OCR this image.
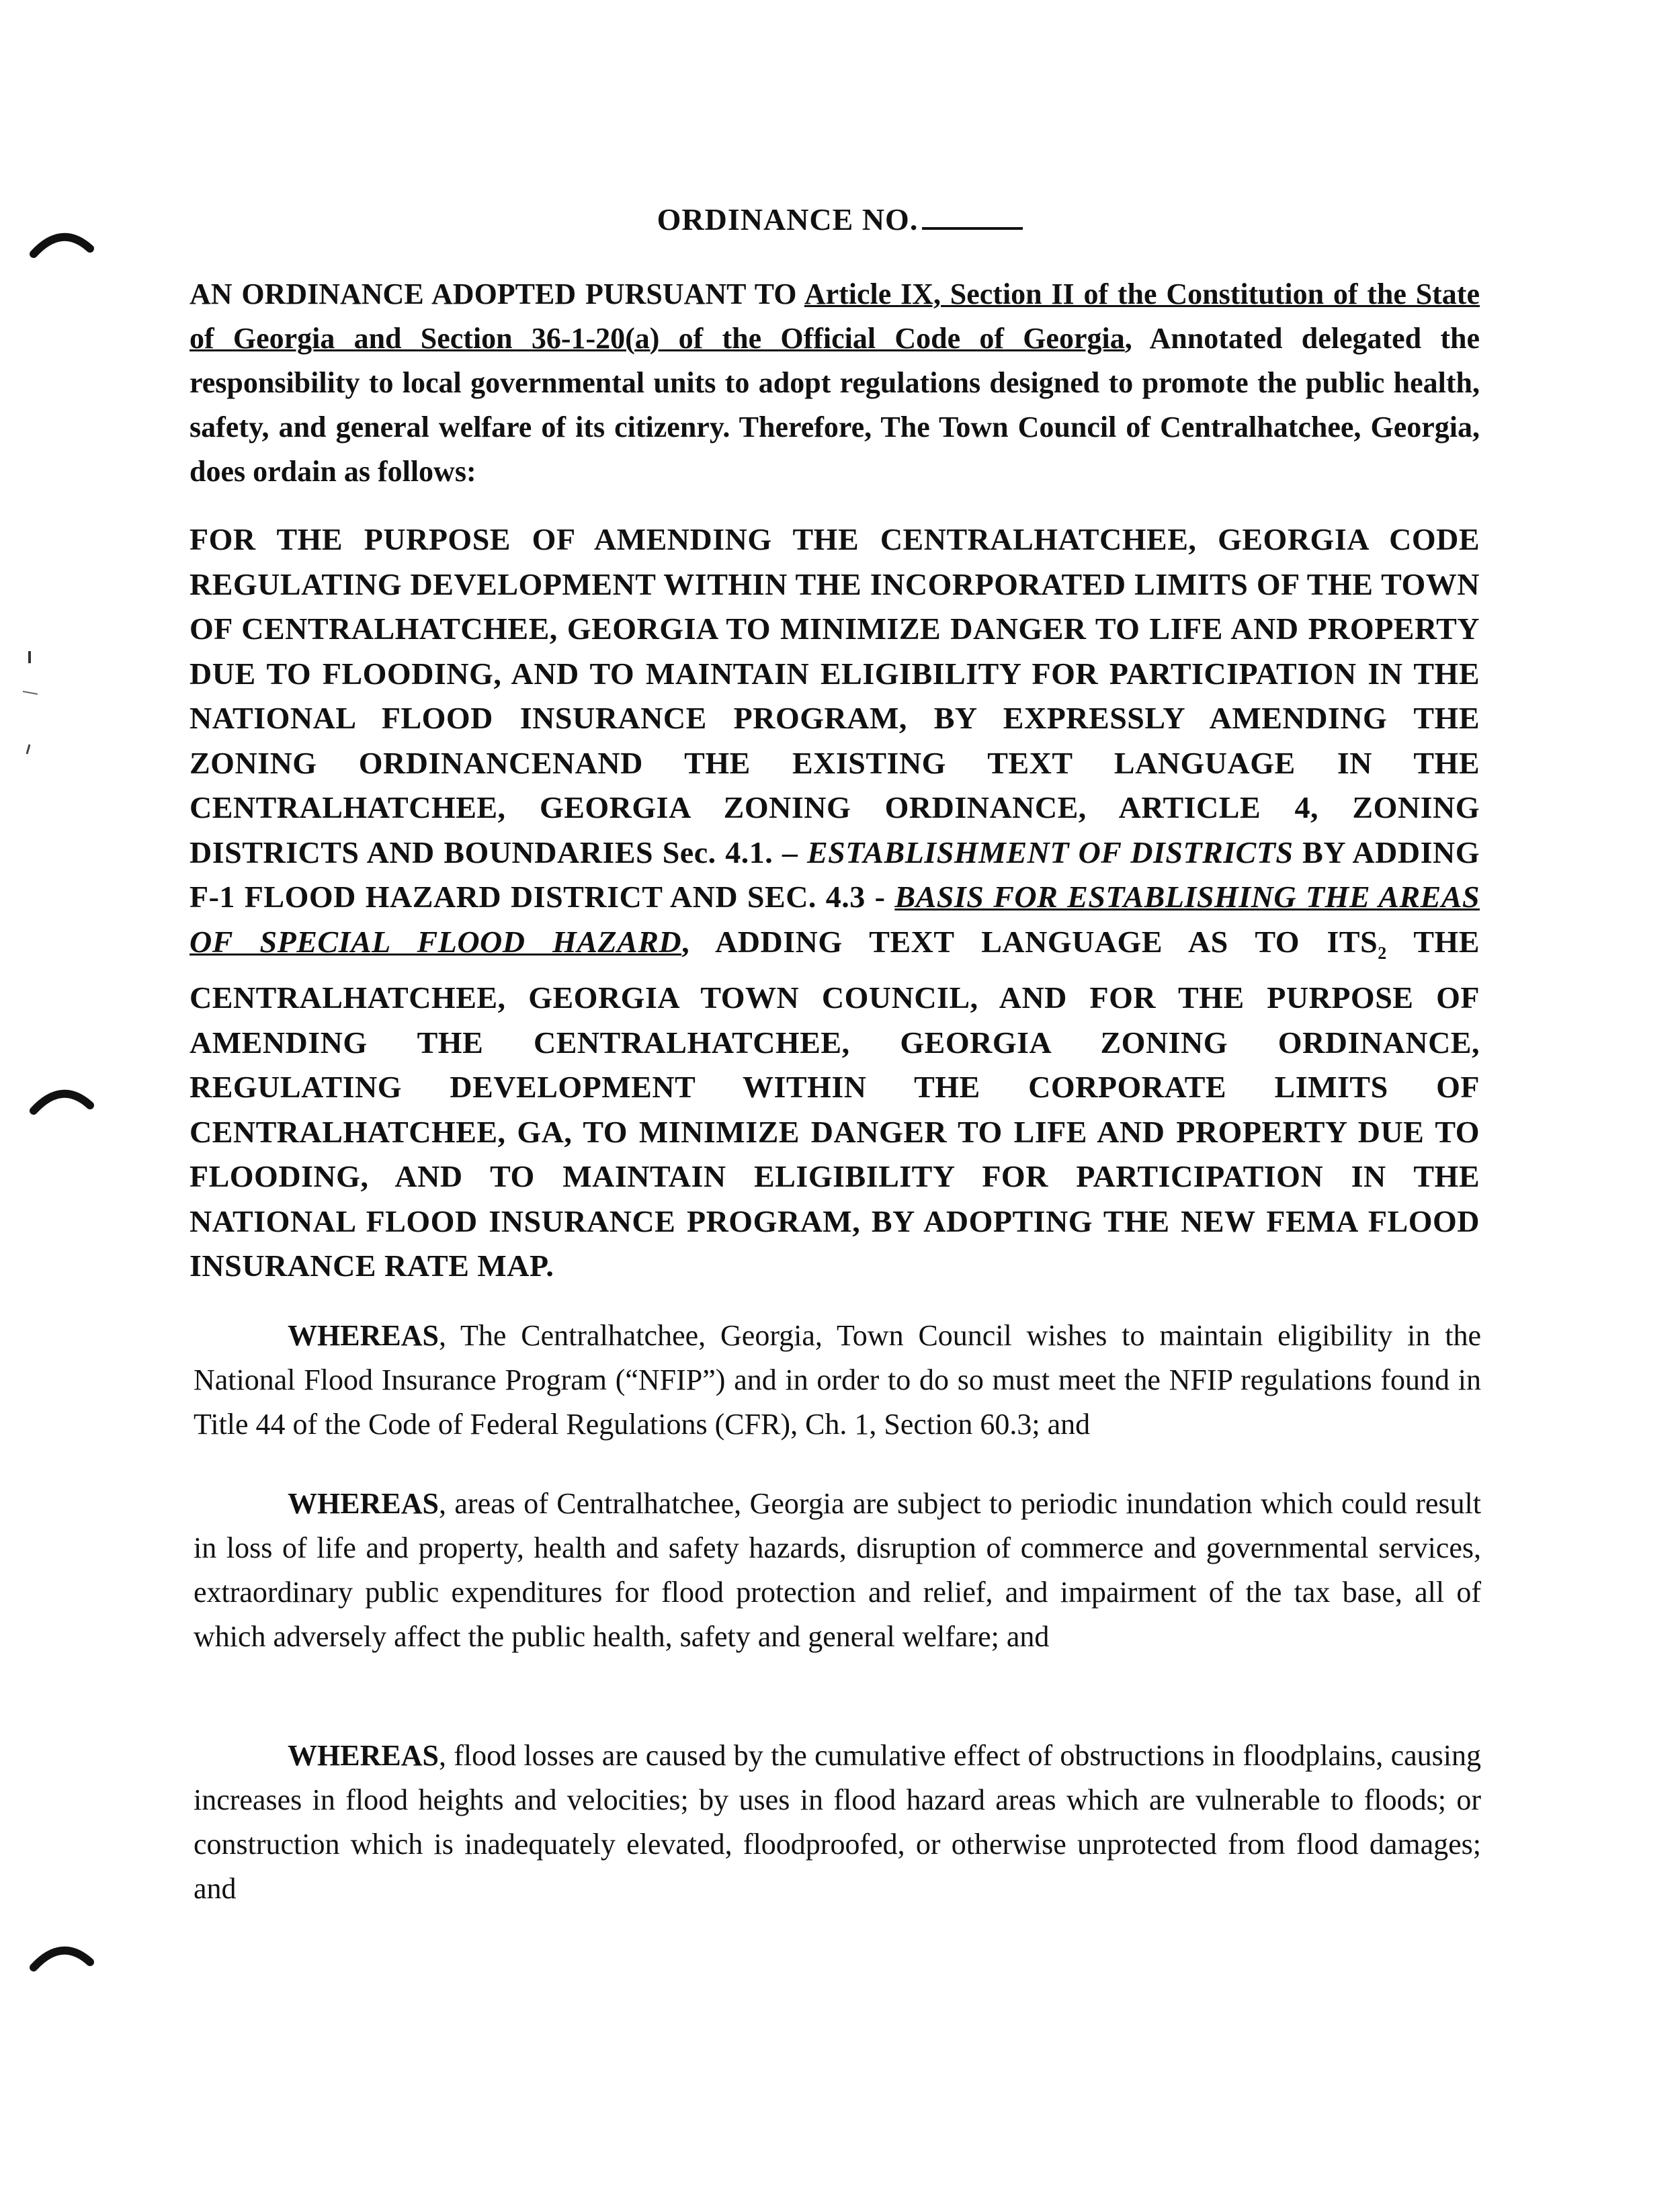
ORDINANCE NO.
AN ORDINANCE ADOPTED PURSUANT TO Article IX, Section II of the Constitution of the State of Georgia and Section 36-1-20(a) of the Official Code of Georgia, Annotated delegated the responsibility to local governmental units to adopt regulations designed to promote the public health, safety, and general welfare of its citizenry. Therefore, The Town Council of Centralhatchee, Georgia, does ordain as follows:
FOR THE PURPOSE OF AMENDING THE CENTRALHATCHEE, GEORGIA CODE REGULATING DEVELOPMENT WITHIN THE INCORPORATED LIMITS OF THE TOWN OF CENTRALHATCHEE, GEORGIA TO MINIMIZE DANGER TO LIFE AND PROPERTY DUE TO FLOODING, AND TO MAINTAIN ELIGIBILITY FOR PARTICIPATION IN THE NATIONAL FLOOD INSURANCE PROGRAM, BY EXPRESSLY AMENDING THE ZONING ORDINANCENAND THE EXISTING TEXT LANGUAGE IN THE CENTRALHATCHEE, GEORGIA ZONING ORDINANCE, ARTICLE 4, ZONING DISTRICTS AND BOUNDARIES Sec. 4.1. – ESTABLISHMENT OF DISTRICTS BY ADDING F-1 FLOOD HAZARD DISTRICT AND SEC. 4.3 - BASIS FOR ESTABLISHING THE AREAS OF SPECIAL FLOOD HAZARD, ADDING TEXT LANGUAGE AS TO $ITS_2$ THE CENTRALHATCHEE, GEORGIA TOWN COUNCIL, AND FOR THE PURPOSE OF AMENDING THE CENTRALHATCHEE, GEORGIA ZONING ORDINANCE, REGULATING DEVELOPMENT WITHIN THE CORPORATE LIMITS OF CENTRALHATCHEE, GA, TO MINIMIZE DANGER TO LIFE AND PROPERTY DUE TO FLOODING, AND TO MAINTAIN ELIGIBILITY FOR PARTICIPATION IN THE NATIONAL FLOOD INSURANCE PROGRAM, BY ADOPTING THE NEW FEMA FLOOD INSURANCE RATE MAP.
WHEREAS, The Centralhatchee, Georgia, Town Council wishes to maintain eligibility in the National Flood Insurance Program (“NFIP”) and in order to do so must meet the NFIP regulations found in Title 44 of the Code of Federal Regulations (CFR), Ch. 1, Section 60.3; and
WHEREAS, areas of Centralhatchee, Georgia are subject to periodic inundation which could result in loss of life and property, health and safety hazards, disruption of commerce and governmental services, extraordinary public expenditures for flood protection and relief, and impairment of the tax base, all of which adversely affect the public health, safety and general welfare; and
WHEREAS, flood losses are caused by the cumulative effect of obstructions in floodplains, causing increases in flood heights and velocities; by uses in flood hazard areas which are vulnerable to floods; or construction which is inadequately elevated, floodproofed, or otherwise unprotected from flood damages; and
